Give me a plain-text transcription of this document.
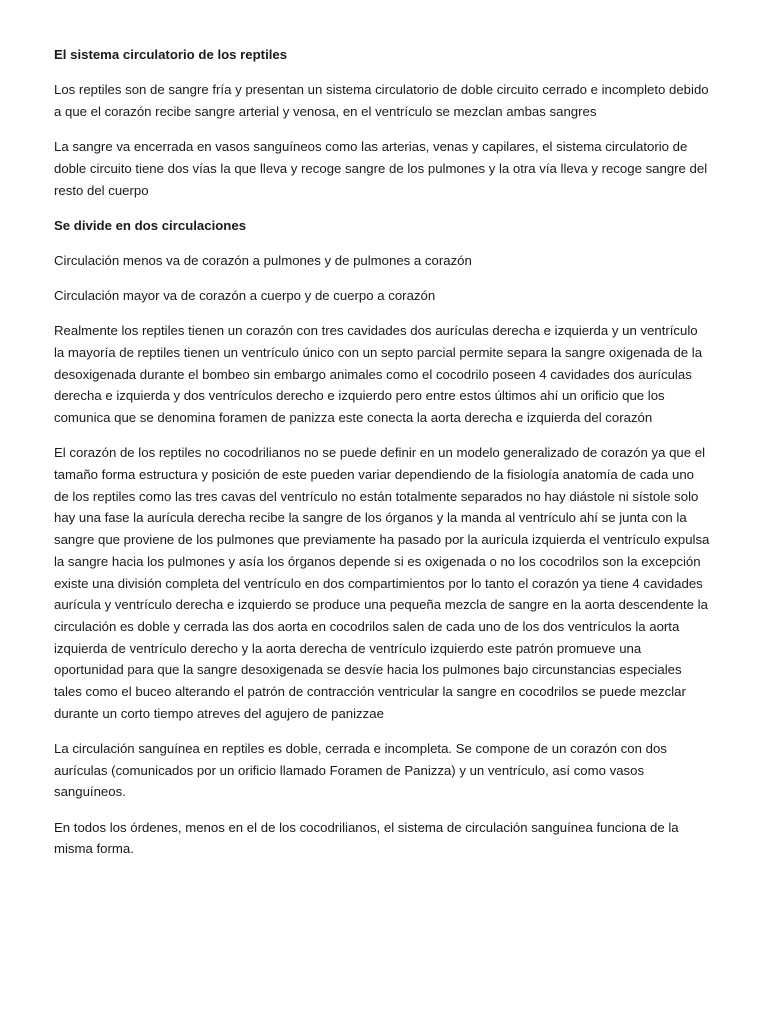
El sistema circulatorio de los reptiles

Los reptiles son de sangre fría y presentan un sistema circulatorio de doble circuito cerrado e incompleto debido a que el corazón recibe sangre arterial y venosa, en el ventrículo se mezclan ambas sangres

La sangre va encerrada en vasos sanguíneos como las arterias, venas y capilares, el sistema circulatorio de doble circuito tiene dos vías la que lleva y recoge sangre de los pulmones y la otra vía lleva y recoge sangre del resto del cuerpo

Se divide en dos circulaciones

Circulación menos va de corazón a pulmones y de pulmones a corazón

Circulación mayor va de corazón a cuerpo y de cuerpo a corazón

Realmente los reptiles tienen un corazón con tres cavidades dos aurículas derecha e izquierda y un ventrículo la mayoría de reptiles tienen un ventrículo único con un septo parcial permite separa la sangre oxigenada de la desoxigenada durante el bombeo sin embargo animales como el cocodrilo poseen 4 cavidades dos aurículas derecha e izquierda y dos ventrículos derecho e izquierdo pero entre estos últimos ahí un orificio que los comunica que se denomina foramen de panizza este conecta la aorta derecha e izquierda del corazón

El corazón de los reptiles no cocodrilianos no se puede definir en un modelo generalizado de corazón ya que el tamaño forma estructura y posición de este pueden variar dependiendo de la fisiología anatomía de cada uno de los reptiles como las tres cavas del ventrículo no están totalmente separados no hay diástole ni sístole solo hay una fase la aurícula derecha recibe la sangre de los órganos y la manda al ventrículo ahí se junta con la sangre que proviene de los pulmones que previamente ha pasado por la aurícula izquierda el ventrículo expulsa la sangre hacia los pulmones y asía los órganos depende si es oxigenada o no los cocodrilos son la excepción existe una división completa del ventrículo en dos compartimientos por lo tanto el corazón ya tiene 4 cavidades aurícula y ventrículo derecha e izquierdo se produce una pequeña mezcla de sangre en la aorta descendente la circulación es doble y cerrada las dos aorta en cocodrilos salen de cada uno de los dos ventrículos la aorta izquierda de ventrículo derecho y la aorta derecha de ventrículo izquierdo este patrón promueve una oportunidad para que la sangre desoxigenada se desvíe hacia los pulmones bajo circunstancias especiales tales como el buceo alterando el patrón de contracción ventricular la sangre en cocodrilos se puede mezclar durante un corto tiempo atreves del agujero de panizzae

La circulación sanguínea en reptiles es doble, cerrada e incompleta. Se compone de un corazón con dos aurículas (comunicados por un orificio llamado Foramen de Panizza) y un ventrículo, así como vasos sanguíneos.

En todos los órdenes, menos en el de los cocodrilianos, el sistema de circulación sanguínea funciona de la misma forma.
